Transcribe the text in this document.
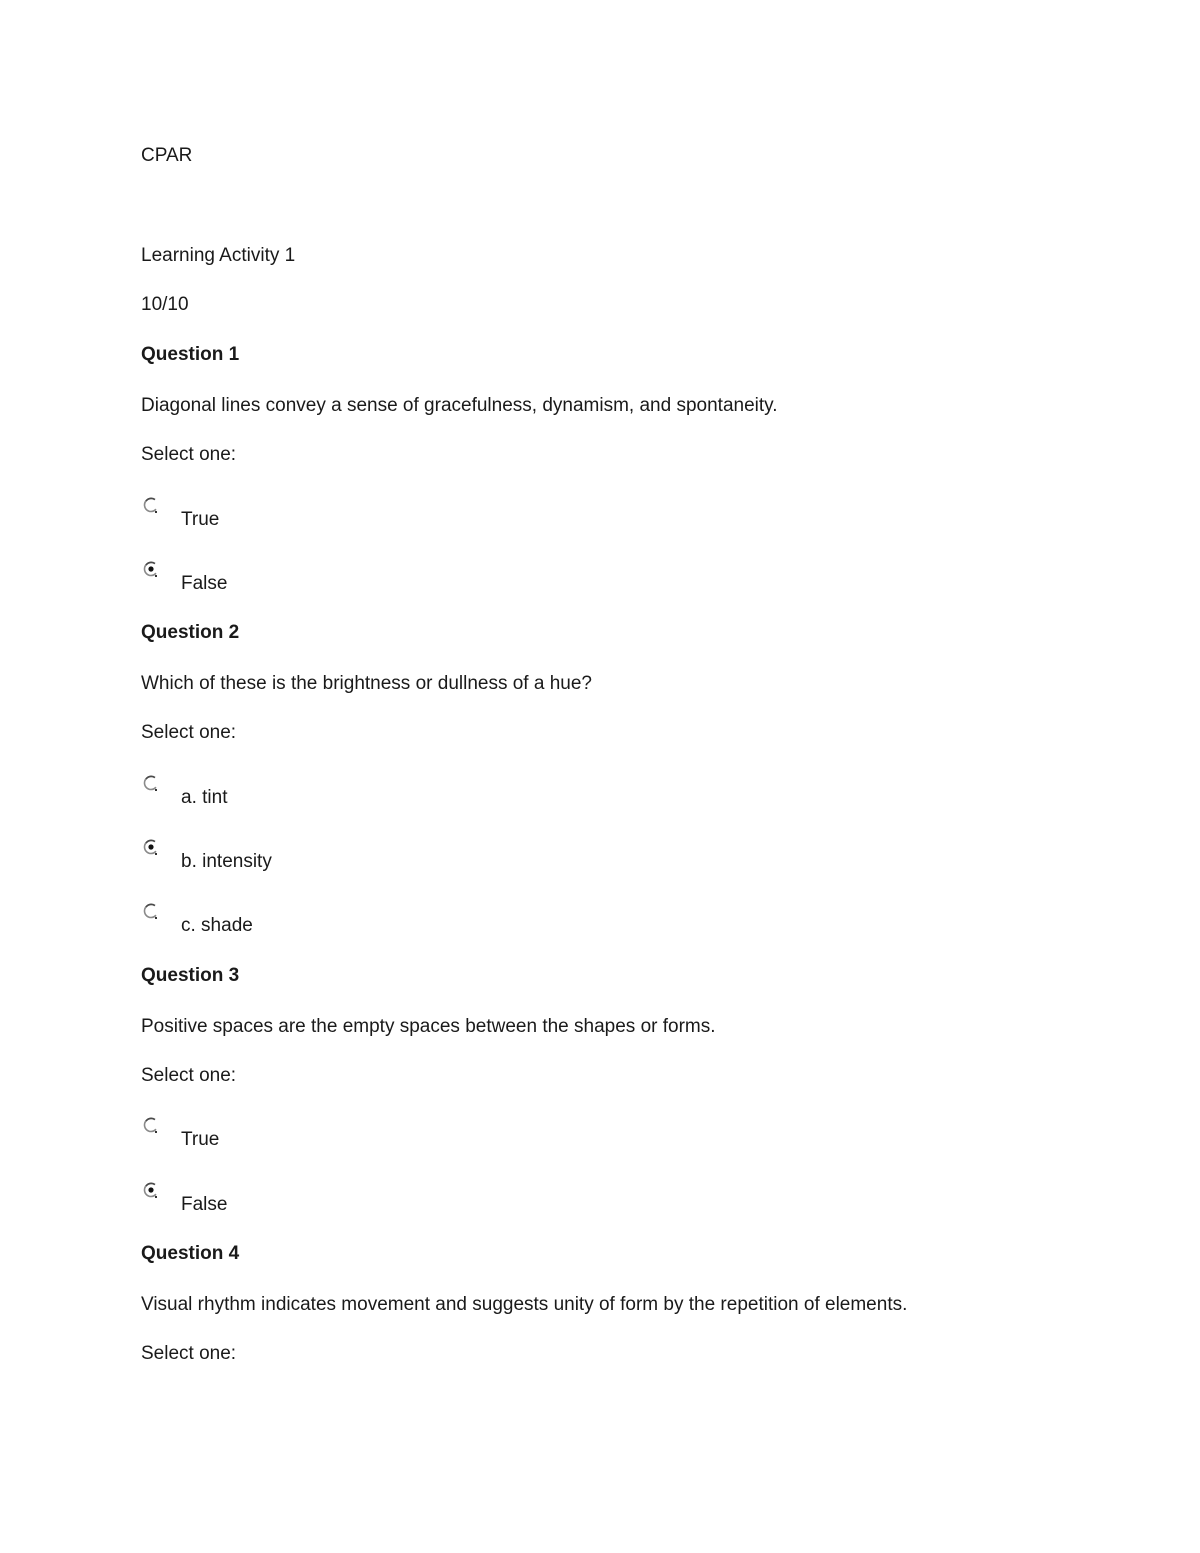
CPAR
Learning Activity 1
10/10
Question 1
Diagonal lines convey a sense of gracefulness, dynamism, and spontaneity.
Select one:
True
False
Question 2
Which of these is the brightness or dullness of a hue?
Select one:
a. tint
b. intensity
c. shade
Question 3
Positive spaces are the empty spaces between the shapes or forms.
Select one:
True
False
Question 4
Visual rhythm indicates movement and suggests unity of form by the repetition of elements.
Select one:
